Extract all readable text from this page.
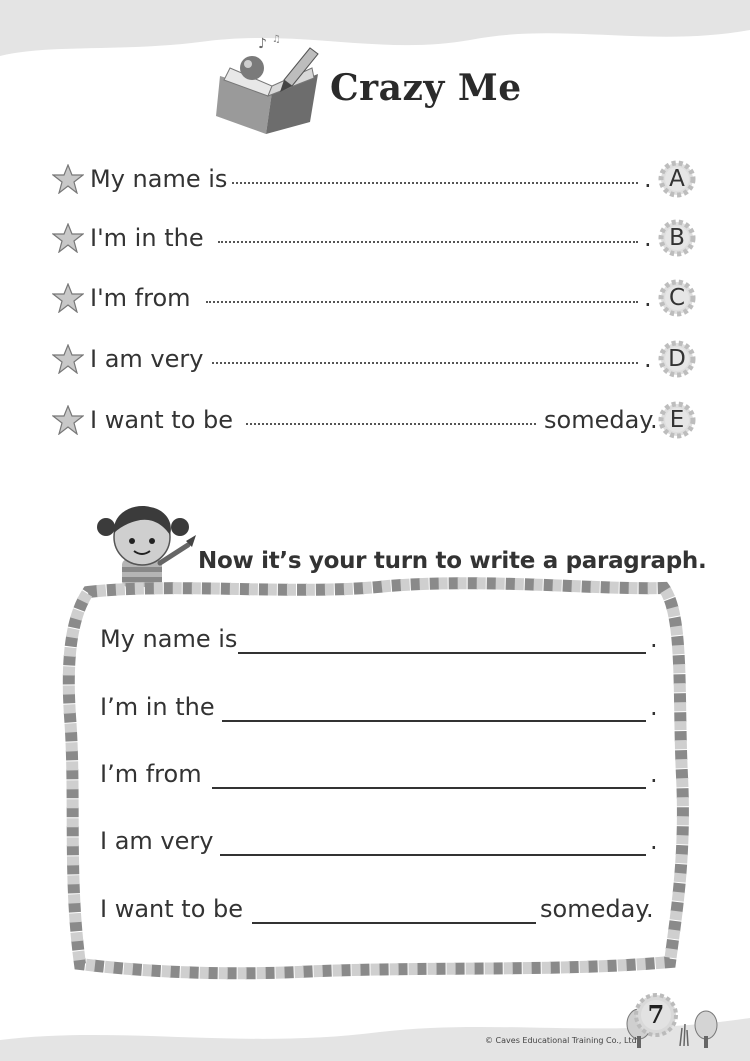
♪ ♫
Crazy Me
My name is	. A
I'm in the	. B
I'm from	. C
I am very	. D
I want to be	someday. E
Now it’s your turn to write a paragraph.
My name is	.
I’m in the	.
I’m from	.
I am very	.
I want to be	someday.
7
© Caves Educational Training Co., Ltd
